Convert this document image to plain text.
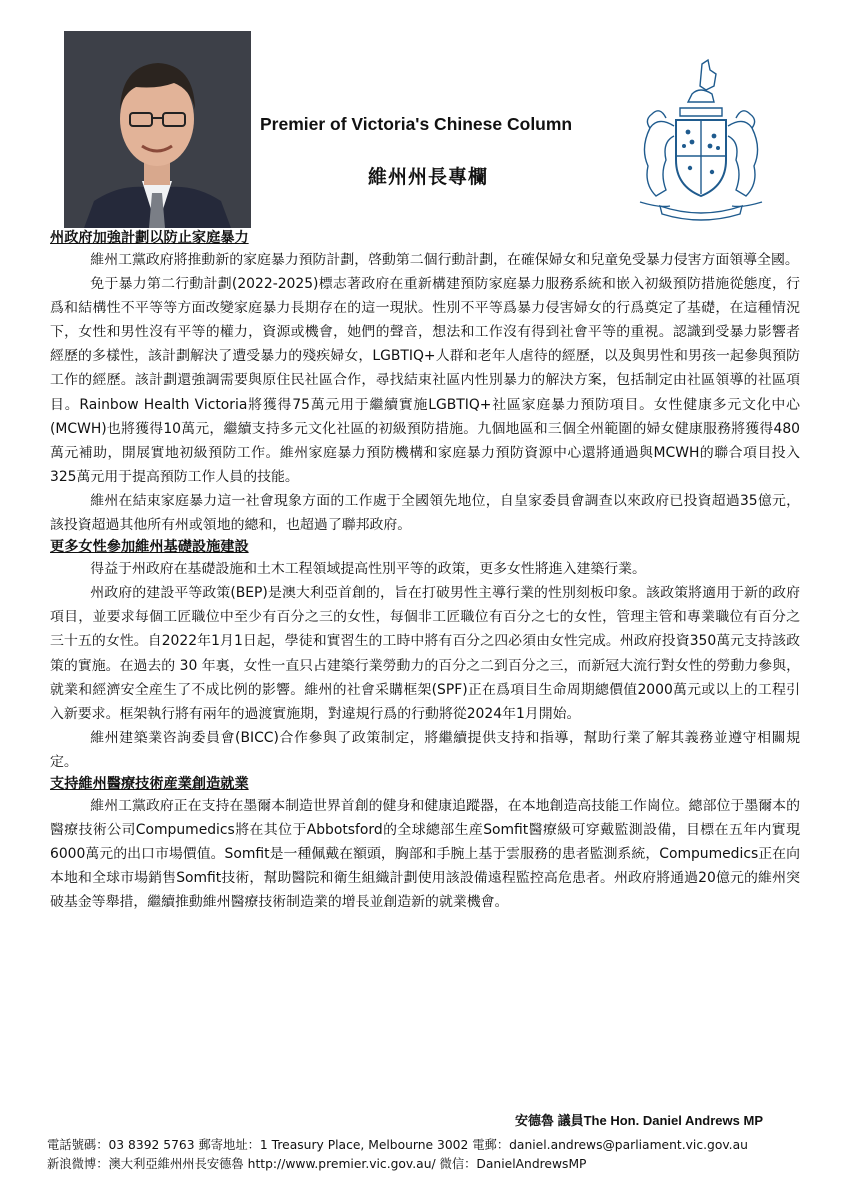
Premier of Victoria's Chinese Column
維州州長專欄

州政府加強計劃以防止家庭暴力

維州工黨政府將推動新的家庭暴力預防計劃，啓動第二個行動計劃，在確保婦女和兒童免受暴力侵害方面領導全國。

免于暴力第二行動計劃(2022-2025)標志著政府在重新構建預防家庭暴力服務系統和嵌入初級預防措施從態度，行爲和結構性不平等等方面改變家庭暴力長期存在的這一現狀。性別不平等爲暴力侵害婦女的行爲奠定了基礎，在這種情況下，女性和男性沒有平等的權力，資源或機會，她們的聲音，想法和工作沒有得到社會平等的重視。認識到受暴力影響者經歷的多樣性，該計劃解決了遭受暴力的殘疾婦女，LGBTIQ+人群和老年人虐待的經歷，以及與男性和男孩一起參與預防工作的經歷。該計劃還強調需要與原住民社區合作，尋找結束社區内性別暴力的解決方案，包括制定由社區領導的社區項目。Rainbow Health Victoria將獲得75萬元用于繼續實施LGBTIQ+社區家庭暴力預防項目。女性健康多元文化中心(MCWH)也將獲得10萬元，繼續支持多元文化社區的初級預防措施。九個地區和三個全州範圍的婦女健康服務將獲得480萬元補助，開展實地初級預防工作。維州家庭暴力預防機構和家庭暴力預防資源中心還將通過與MCWH的聯合項目投入325萬元用于提高預防工作人員的技能。

維州在結束家庭暴力這一社會現象方面的工作處于全國領先地位，自皇家委員會調查以來政府已投資超過35億元，該投資超過其他所有州或領地的總和，也超過了聯邦政府。

更多女性參加維州基礎設施建設

得益于州政府在基礎設施和土木工程領域提高性別平等的政策，更多女性將進入建築行業。

州政府的建設平等政策(BEP)是澳大利亞首創的，旨在打破男性主導行業的性別刻板印象。該政策將適用于新的政府項目，並要求每個工匠職位中至少有百分之三的女性，每個非工匠職位有百分之七的女性，管理主管和專業職位有百分之三十五的女性。自2022年1月1日起，學徒和實習生的工時中將有百分之四必須由女性完成。州政府投資350萬元支持該政策的實施。在過去的 30 年裏，女性一直只占建築行業勞動力的百分之二到百分之三，而新冠大流行對女性的勞動力參與，就業和經濟安全産生了不成比例的影響。維州的社會采購框架(SPF)正在爲項目生命周期總價值2000萬元或以上的工程引入新要求。框架執行將有兩年的過渡實施期，對違規行爲的行動將從2024年1月開始。

維州建築業咨詢委員會(BICC)合作參與了政策制定，將繼續提供支持和指導，幫助行業了解其義務並遵守相關規定。

支持維州醫療技術産業創造就業

維州工黨政府正在支持在墨爾本制造世界首創的健身和健康追蹤器，在本地創造高技能工作崗位。總部位于墨爾本的醫療技術公司Compumedics將在其位于Abbotsford的全球總部生産Somfit醫療級可穿戴監測設備，目標在五年内實現6000萬元的出口市場價值。Somfit是一種佩戴在額頭，胸部和手腕上基于雲服務的患者監測系統，Compumedics正在向本地和全球市場銷售Somfit技術，幫助醫院和衛生組織計劃使用該設備遠程監控高危患者。州政府將通過20億元的維州突破基金等舉措，繼續推動維州醫療技術制造業的增長並創造新的就業機會。

安德魯 議員The Hon. Daniel Andrews MP
電話號碼：03 8392 5763 郵寄地址：1 Treasury Place, Melbourne 3002 電郵：daniel.andrews@parliament.vic.gov.au
新浪微博：澳大利亞維州州長安德魯 http://www.premier.vic.gov.au/ 微信：DanielAndrewsMP
